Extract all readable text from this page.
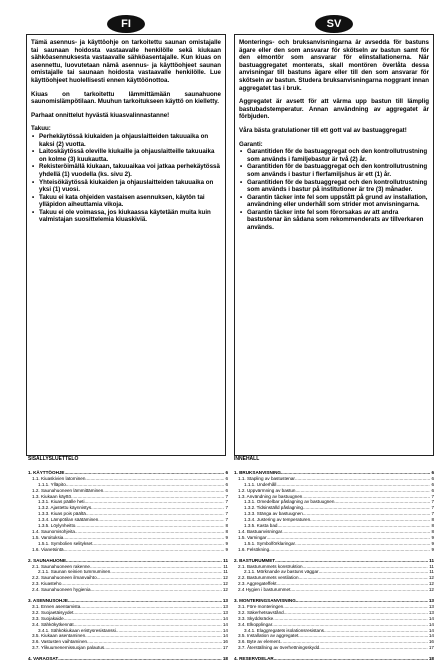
FI

Tämä asennus- ja käyttöohje on tarkoitettu saunan omistajalle tai saunaan hoidosta vastaavalle henkilölle sekä kiukaan sähköasennuksesta vastaavalle sähköasentajalle. Kun kiuas on asennettu, luovutetaan nämä asennus- ja käyttöohjeet saunan omistajalle tai saunaan hoidosta vastaavalle henkilölle. Lue käyttöohjeet huolellisesti ennen käyttöönottoa.

Kiuas on tarkoitettu lämmittämään saunahuone saunomislämpötilaan. Muuhun tarkoitukseen käyttö on kielletty.

Parhaat onnittelut hyvästä kiuasvalinnastanne!

Takuu:
• Perhekäytössä kiukaiden ja ohjauslaitteiden takuuaika on kaksi (2) vuotta.
• Laitoskäytössä oleville kiukaille ja ohjauslaitteille takuuaika on kolme (3) kuukautta.
• Rekisteröimällä kiukaan, takuuaikaa voi jatkaa perhekäytössä yhdellä (1) vuodella (ks. sivu 2).
• Yhteisökäytössä kiukaiden ja ohjauslaitteiden takuuaika on yksi (1) vuosi.
• Takuu ei kata ohjeiden vastaisen asennuksen, käytön tai ylläpidon aiheuttamia vikoja.
• Takuu ei ole voimassa, jos kiukaassa käytetään muita kuin valmistajan suosittelemia kiuaskiviä.
SV

Monterings- och bruksanvisningarna är avsedda för bastuns ägare eller den som ansvarar för skötseln av bastun samt för den elmontör som ansvarar för elinstallationerna. När bastuaggregatet monterats, skall montören överlåta dessa anvisningar till bastuns ägare eller till den som ansvarar för skötseln av bastun. Studera bruksanvisningarna noggrant innan aggregatet tas i bruk.

Aggregatet är avsett för att värma upp bastun till lämplig bastubadstemperatur. Annan användning av aggregatet är förbjuden.

Våra bästa gratulationer till ett gott val av bastuaggregat!

Garanti:
• Garantitiden för de bastuaggregat och den kontrollutrustning som används i familjebastur är två (2) år.
• Garantitiden för de bastuaggregat och den kontrollutrustning som används i bastur i flerfamiljshus är ett (1) år.
• Garantitiden för de bastuaggregat och den kontrollutrustning som används i bastur på institutioner är tre (3) månader.
• Garantin täcker inte fel som uppstått på grund av installation, användning eller underhåll som strider mot anvisningarna.
• Garantin täcker inte fel som förorsakas av att andra bastustenar än sådana som rekommenderats av tillverkaren används.
SISÄLLYSLUETTELO
1. KÄYTTÖOHJE .....	6
1.1. Kiuaskivien latominen .....	6
1.1.1. Ylläpito .....	6
1.2. Saunahuoneen lämmittäminen .....	6
1.3. Kiukaan käyttö .....	7
1.3.1. Kiuas päälle heti .....	7
1.3.2. Ajastettu käynnistys .....	7
1.3.3. Kiuas pois päältä .....	7
1.3.4. Lämpötilan säätäminen .....	7
1.3.5. Löylynheitto .....	8
1.4. Saunomisohjeita .....	8
1.5. Varoituksia .....	9
1.5.1. Symbolien selitykset .....	9
1.6. Vianetsintä .....	9
2. SAUNAHUONE .....	11
2.1. Saunahuoneen rakenne .....	11
2.1.1. Saunan seinien tummuminen .....	11
2.2. Saunahuoneen ilmanvaihto .....	12
2.3. Kiuasteho .....	12
2.4. Saunahuoneen hygienia .....	12
3. ASENNUSOHJE .....	13
3.1. Ennen asentamista .....	13
3.2. Suojaetäisyydet .....	13
3.3. Suojakaide .....	14
3.4. Sähkökytkennät .....	14
3.4.1. Sähkökiukaan eristysresistanssi .....	14
3.5. Kiukaan asentaminen .....	14
3.6. Vastusten vaihtaminen .....	16
3.7. Ylikuumenemissuojan palautus .....	17
4. VARAOSAT .....	18
INNEHÅLL
1. BRUKSANVISNING .....	6
1.1. Stapling av bastustenar .....	6
1.1.1. Underhåll .....	6
1.2. Uppvärmning av bastun .....	6
1.3. Användning av bastuugnen .....	7
1.3.1. Omedelbar påslagning av bastuugnen .....	7
1.3.2. Tidsinställd påslagning .....	7
1.3.3. Stänga av bastuugnen .....	7
1.3.4. Justering av temperaturen .....	8
1.3.5. Kasta bad .....	8
1.4. Bastuanvisningar .....	8
1.5. Varningar .....	9
1.5.1. Symbolförklaringar .....	9
1.6. Felsökning .....	9
2. BASTURUMMET .....	11
2.1. Basturummets konstruktion .....	11
2.1.1. Mörknande av bastuns väggar .....	11
2.2. Basturummets ventilation .....	12
2.3. Aggregateffekt .....	12
2.4 Hygien i basturummet .....	12
3. MONTERINGSANVISNING .....	13
3.1. Före monteringen .....	13
3.2. Säkerhetsavstånd .....	13
3.3. Skyddsräcke .....	14
3.4. Elkopplingar .....	14
3.4.1. Elaggregatets isolationsresistans .....	14
3.5. Installation av aggregatet .....	14
3.6. Byte av element .....	16
3.7. Återställning av överhettningsskydd .....	17
4. RESERVDELAR .....	18
